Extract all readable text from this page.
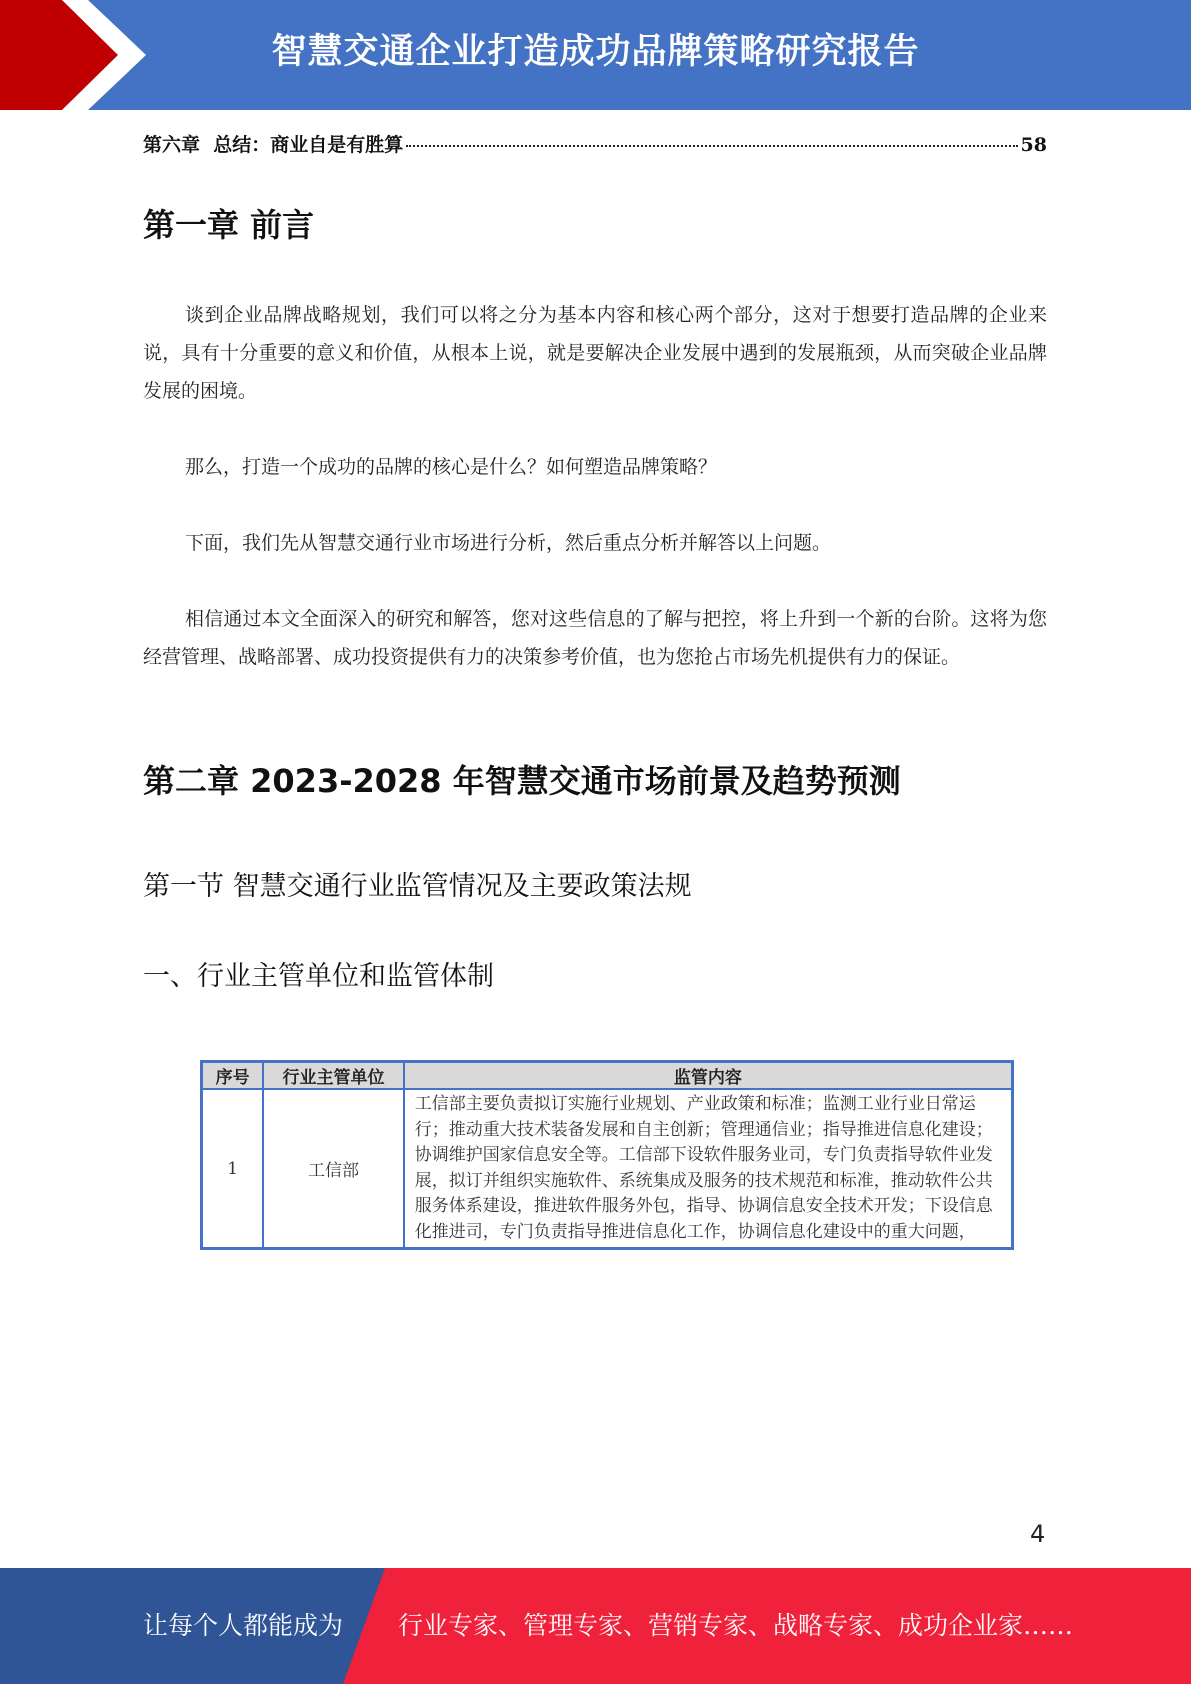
智慧交通企业打造成功品牌策略研究报告
第六章  总结：商业自是有胜算	58
第一章 前言
谈到企业品牌战略规划，我们可以将之分为基本内容和核心两个部分，这对于想要打造品牌的企业来说，具有十分重要的意义和价值，从根本上说，就是要解决企业发展中遇到的发展瓶颈，从而突破企业品牌发展的困境。
那么，打造一个成功的品牌的核心是什么？如何塑造品牌策略？
下面，我们先从智慧交通行业市场进行分析，然后重点分析并解答以上问题。
相信通过本文全面深入的研究和解答，您对这些信息的了解与把控，将上升到一个新的台阶。这将为您经营管理、战略部署、成功投资提供有力的决策参考价值，也为您抢占市场先机提供有力的保证。
第二章 2023-2028 年智慧交通市场前景及趋势预测
第一节 智慧交通行业监管情况及主要政策法规
一、行业主管单位和监管体制
序号	行业主管单位	监管内容
1	工信部	工信部主要负责拟订实施行业规划、产业政策和标准；监测工业行业日常运行；推动重大技术装备发展和自主创新；管理通信业；指导推进信息化建设；协调维护国家信息安全等。工信部下设软件服务业司，专门负责指导软件业发展，拟订并组织实施软件、系统集成及服务的技术规范和标准，推动软件公共服务体系建设，推进软件服务外包，指导、协调信息安全技术开发；下设信息化推进司，专门负责指导推进信息化工作，协调信息化建设中的重大问题，
4
让每个人都能成为 行业专家、管理专家、营销专家、战略专家、成功企业家……
